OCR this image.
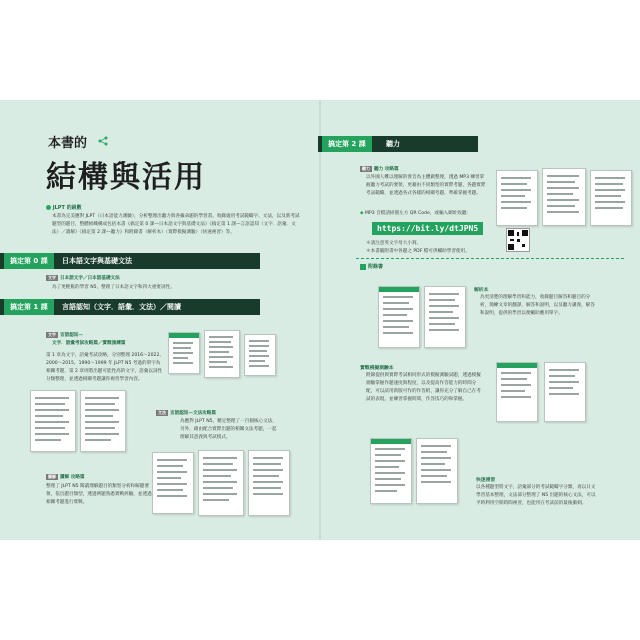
本書的
結構與活用
JLPT 的級數
本書為完美應對 JLPT（日本語能力測驗），分析整理出聽力與各級命題的學習書。收錄適用考試範疇字、文法，以及新考試題型的題目，整體組織構成包括本書《搞定第 0 課—日本語文字與基礎文法》《搞定第 1 課—言語認知（文字．語彙．文法）／讀解》《搞定第 2 課—聽力》和附錄書（解析本）（實際模擬測驗）（快速複習）等。
搞定第 0 課	日本語文字與基礎文法
文字 日本語文字／日本語基礎文法
為了更輕鬆的學習 N5，整理了日本語文字和四大重要詞性。
搞定第 1 課	言語認知（文字．語彙．文法）／閱讀
文字 言語認知—
文字．語彙考試攻略篇／實戰演練篇
第 1 章為文字，語彙考試攻略，分別整理 2016～2022，2000～2015，1990～1999 年 JLPT N5 考過的單字為相關考題，第 2 章則將出題可能性高的文字，語彙以詞性分類整理，並透過相關考題讓你複習學習內容。
文法 言語認知—文法攻略篇
為應對 JLPT N5，精定整理了一百個核心文法，另外，藉由配合實際出題的相關文法考題，一起理解其意義與考試模式。
讀解 讀解 攻略篇
整理了 JLPT N5 閱讀理解題目的類型分析和解題要領，依出題目類型，透過例題熟悉實戰經驗，並透過相關考題進行實戰。
搞定第 2 課	聽力
聽力 聽力 攻略篇
以外國人難以理解的發音為主體做整理，透過 MP3 練習掌握聽力考試的要領，更藉由不同類型的實際考題、各題實際考試範疇，並透過各式各樣的相關考題，準確掌握考題。
◆ MP3 音檔請掃描左方 QR Code，或輸入網址收聽：
https://bit.ly/dtJPN5
＊請注意英文字母大小寫。
＊本書隨附書中各題之 PDF 檔可供輔助學習使用。
附錄書
解析本
為更清楚的理解學習和能力，收錄題目解答和題目的分析，簡練文章的翻譯，解答和說明，以及聽力講義，解答和說明，提供的學習以便輔助應用單字。
實戰模擬測驗本
附錄提供與實際考試相同形式的模擬測驗試題，透過模擬測驗掌握作題速度與程度，以及提高作答能力的時間分配，可以試用新版可作的作答紙，讓你充分了解自己在考試的表現，並練習掌握時間，作答技巧的和掌握。
快速複習
以各種題型將文字，語彙部分的考試範疇字分類，再以日文學習基本整理，文法部分整理了 N5 出題的核心文法，可以平時利用空閒時間複習，也能用在考試前的最後衝刺。
